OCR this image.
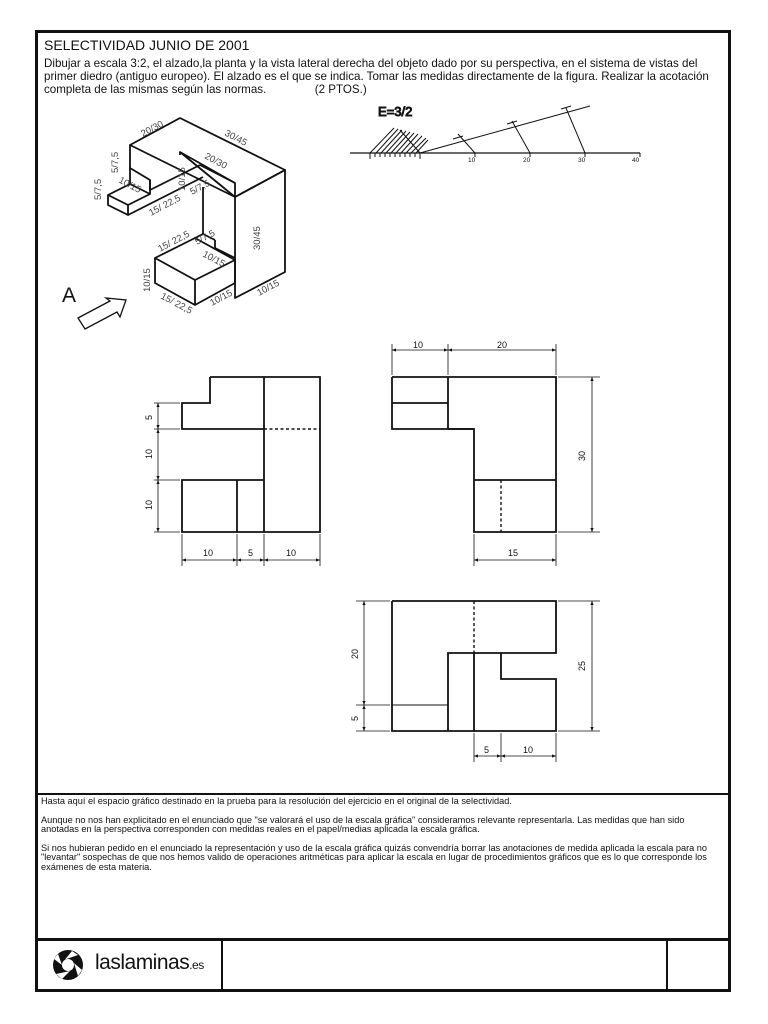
SELECTIVIDAD JUNIO DE 2001
Dibujar a escala 3:2, el alzado,la planta y la vista lateral derecha del objeto dado por su perspectiva, en el sistema de vistas del primer diedro (antiguo europeo). El alzado es el que se indica. Tomar las medidas directamente de la figura. Realizar la acotación completa de las mismas según las normas.	(2 PTOS.)
E=3/2
10	20	30	40
20/30	30/45
20/30
5/7,5
5/7,5 10/15	10/15 5/7,5
15/ 22,5
30/45
15/ 22,5 5/7,5
10/15
10/15
15/ 22,5 10/15 10/15
A
5
10
10
10	5	10
10	20
30
15
20
5
25
5	10

Hasta aquí el espacio gráfico destinado en la prueba para la resolución del ejercicio en el original de la selectividad.

Aunque no nos han explicitado en el enunciado que "se valorará el uso de la escala gráfica" consideramos relevante representarla. Las medidas que han sido anotadas en la perspectiva corresponden con medidas reales en el papel/medias aplicada la escala gráfica.

Si nos hubieran pedido en el enunciado la representación y uso de la escala gráfica quizás convendría borrar las anotaciones de medida aplicada la escala para no "levantar" sospechas de que nos hemos valido de operaciones aritméticas para aplicar la escala en lugar de procedimientos gráficos que es lo que corresponde los exámenes de esta materia.

laslaminas.es
